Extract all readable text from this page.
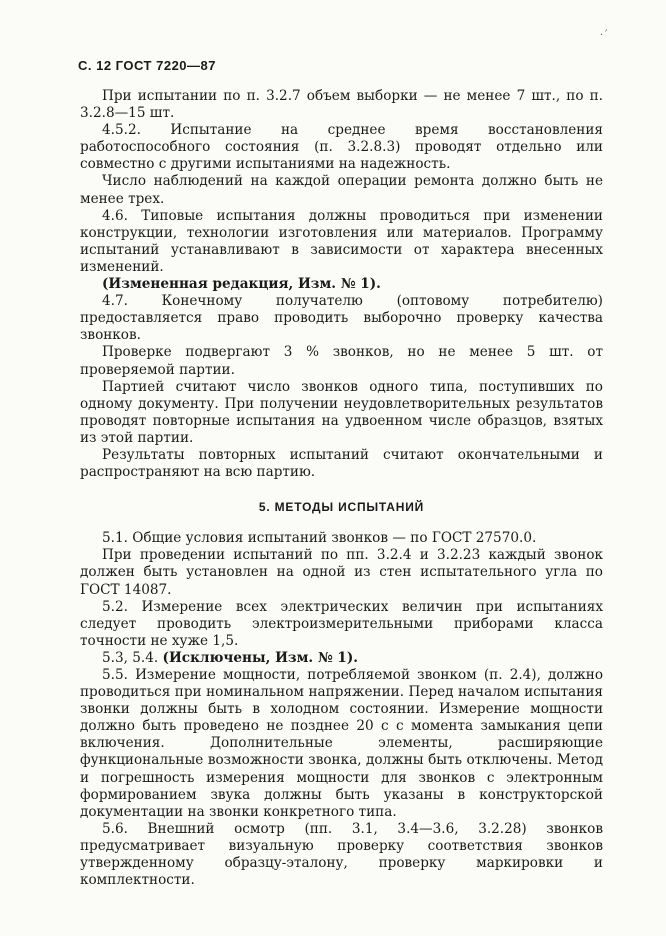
·´
С. 12 ГОСТ 7220—87

При испытании по п. 3.2.7 объем выборки — не менее 7 шт., по п. 3.2.8—15 шт.

4.5.2. Испытание на среднее время восстановления работоспособного состояния (п. 3.2.8.3) проводят отдельно или совместно с другими испытаниями на надежность.

Число наблюдений на каждой операции ремонта должно быть не менее трех.

4.6. Типовые испытания должны проводиться при изменении конструкции, технологии изготовления или материалов. Программу испытаний устанавливают в зависимости от характера внесенных изменений.

(Измененная редакция, Изм. № 1).

4.7. Конечному получателю (оптовому потребителю) предоставляется право проводить выборочно проверку качества звонков.

Проверке подвергают 3 % звонков, но не менее 5 шт. от проверяемой партии.

Партией считают число звонков одного типа, поступивших по одному документу. При получении неудовлетворительных результатов проводят повторные испытания на удвоенном числе образцов, взятых из этой партии.

Результаты повторных испытаний считают окончательными и распространяют на всю партию.

5. МЕТОДЫ ИСПЫТАНИЙ

5.1. Общие условия испытаний звонков — по ГОСТ 27570.0.

При проведении испытаний по пп. 3.2.4 и 3.2.23 каждый звонок должен быть установлен на одной из стен испытательного угла по ГОСТ 14087.

5.2. Измерение всех электрических величин при испытаниях следует проводить электроизмерительными приборами класса точности не хуже 1,5.

5.3, 5.4. (Исключены, Изм. № 1).

5.5. Измерение мощности, потребляемой звонком (п. 2.4), должно проводиться при номинальном напряжении. Перед началом испытания звонки должны быть в холодном состоянии. Измерение мощности должно быть проведено не позднее 20 с с момента замыкания цепи включения. Дополнительные элементы, расширяющие функциональные возможности звонка, должны быть отключены. Метод и погрешность измерения мощности для звонков с электронным формированием звука должны быть указаны в конструкторской документации на звонки конкретного типа.

5.6. Внешний осмотр (пп. 3.1, 3.4—3.6, 3.2.28) звонков предусматривает визуальную проверку соответствия звонков утвержденному образцу-эталону, проверку маркировки и комплектности.
